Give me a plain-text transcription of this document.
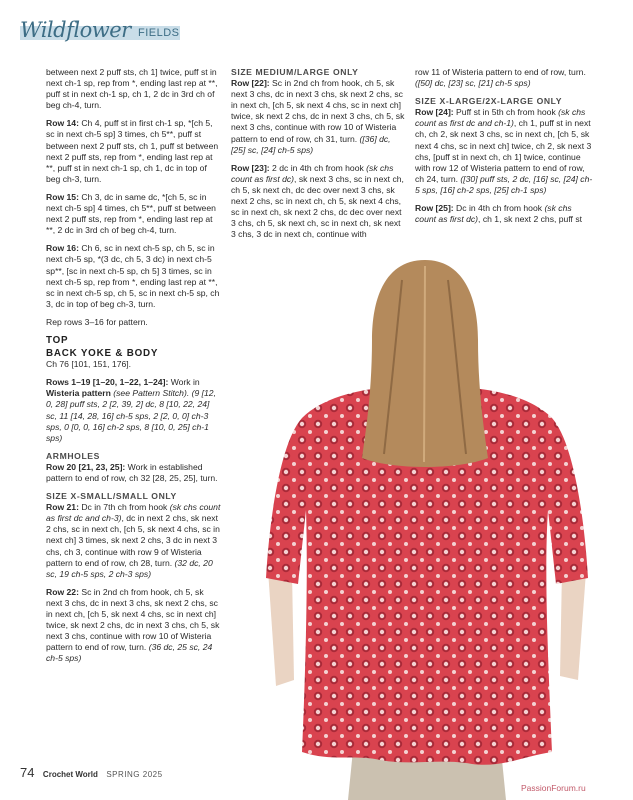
Wildflower FIELDS

between next 2 puff sts, ch 1] twice, puff st in next ch-1 sp, rep from *, ending last rep at **, puff st in next ch-1 sp, ch 1, 2 dc in 3rd ch of beg ch-4, turn.

Row 14: Ch 4, puff st in first ch-1 sp, *[ch 5, sc in next ch-5 sp] 3 times, ch 5**, puff st between next 2 puff sts, ch 1, puff st between next 2 puff sts, rep from *, ending last rep at **, puff st in next ch-1 sp, ch 1, dc in top of beg ch-3, turn.

Row 15: Ch 3, dc in same dc, *[ch 5, sc in next ch-5 sp] 4 times, ch 5**, puff st between next 2 puff sts, rep from *, ending last rep at **, 2 dc in 3rd ch of beg ch-4, turn.

Row 16: Ch 6, sc in next ch-5 sp, ch 5, sc in next ch-5 sp, *(3 dc, ch 5, 3 dc) in next ch-5 sp**, [sc in next ch-5 sp, ch 5] 3 times, sc in next ch-5 sp, rep from *, ending last rep at **, sc in next ch-5 sp, ch 5, sc in next ch-5 sp, ch 3, dc in top of beg ch-3, turn.

Rep rows 3–16 for pattern.

TOP
BACK YOKE & BODY

Ch 76 [101, 151, 176].

Rows 1–19 [1–20, 1–22, 1–24]: Work in Wisteria pattern (see Pattern Stitch). (9 [12, 0, 28] puff sts, 2 [2, 39, 2] dc, 8 [10, 22, 24] sc, 11 [14, 28, 16] ch-5 sps, 2 [2, 0, 0] ch-3 sps, 0 [0, 0, 16] ch-2 sps, 8 [10, 0, 25] ch-1 sps)

ARMHOLES

Row 20 [21, 23, 25]: Work in established pattern to end of row, ch 32 [28, 25, 25], turn.

SIZE X-SMALL/SMALL ONLY

Row 21: Dc in 7th ch from hook (sk chs count as first dc and ch-3), dc in next 2 chs, sk next 2 chs, sc in next ch, [ch 5, sk next 4 chs, sc in next ch] 3 times, sk next 2 chs, 3 dc in next 3 chs, ch 3, continue with row 9 of Wisteria pattern to end of row, ch 28, turn. (32 dc, 20 sc, 19 ch-5 sps, 2 ch-3 sps)

Row 22: Sc in 2nd ch from hook, ch 5, sk next 3 chs, dc in next 3 chs, sk next 2 chs, sc in next ch, [ch 5, sk next 4 chs, sc in next ch] twice, sk next 2 chs, dc in next 3 chs, ch 5, sk next 3 chs, continue with row 10 of Wisteria pattern to end of row, turn. (36 dc, 25 sc, 24 ch-5 sps)

SIZE MEDIUM/LARGE ONLY

Row [22]: Sc in 2nd ch from hook, ch 5, sk next 3 chs, dc in next 3 chs, sk next 2 chs, sc in next ch, [ch 5, sk next 4 chs, sc in next ch] twice, sk next 2 chs, dc in next 3 chs, ch 5, sk next 3 chs, continue with row 10 of Wisteria pattern to end of row, ch 31, turn. ([36] dc, [25] sc, [24] ch-5 sps)

Row [23]: 2 dc in 4th ch from hook (sk chs count as first dc), sk next 3 chs, sc in next ch, ch 5, sk next ch, dc dec over next 3 chs, sk next 2 chs, sc in next ch, ch 5, sk next 4 chs, sc in next ch, sk next 2 chs, dc dec over next 3 chs, ch 5, sk next ch, sc in next ch, sk next 3 chs, 3 dc in next ch, continue with

row 11 of Wisteria pattern to end of row, turn. ([50] dc, [23] sc, [21] ch-5 sps)

SIZE X-LARGE/2X-LARGE ONLY

Row [24]: Puff st in 5th ch from hook (sk chs count as first dc and ch-1), ch 1, puff st in next ch, ch 2, sk next 3 chs, sc in next ch, [ch 5, sk next 4 chs, sc in next ch] twice, ch 2, sk next 3 chs, [puff st in next ch, ch 1] twice, continue with row 12 of Wisteria pattern to end of row, ch 24, turn. ([30] puff sts, 2 dc, [16] sc, [24] ch-5 sps, [16] ch-2 sps, [25] ch-1 sps)

Row [25]: Dc in 4th ch from hook (sk chs count as first dc), ch 1, sk next 2 chs, puff st

74 Crochet World SPRING 2025
PassionForum.ru
